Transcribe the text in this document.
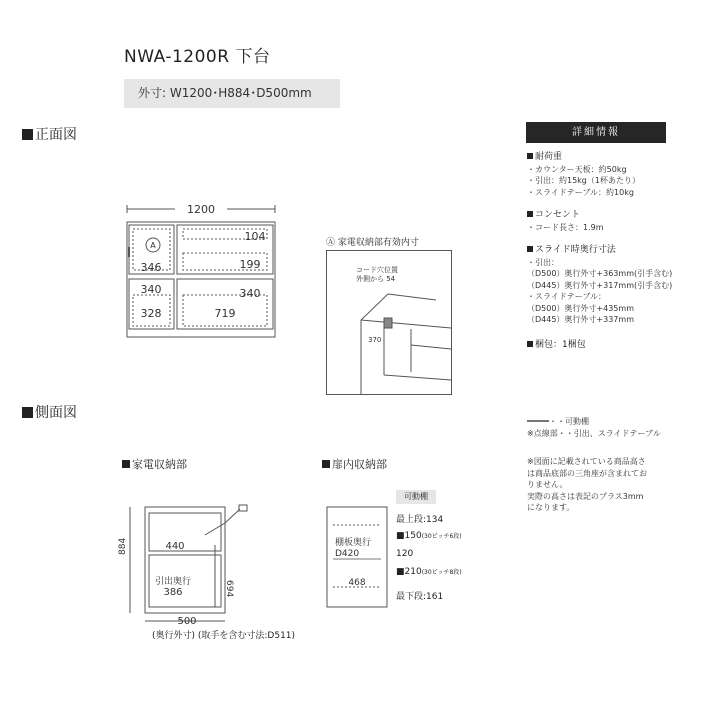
NWA-1200R 下台
外寸: W1200･H884･D500mm
正面図
側面図
家電収納部	扉内収納部
1200
A
346
340
328
104
199
340
719
Ⓐ 家電収納部有効内寸
コード穴位置
外側から 54
370
884
694
440
引出奥行
386
500
(奥行外寸) (取手を含む寸法:D511)
棚板奥行
D420
468
可動棚
最上段:134
■150(30ピッチ6段)
120
■210(30ピッチ8段)
最下段:161
詳細情報
耐荷重
・カウンター天板：約50kg
・引出：約15kg（1杯あたり）
・スライドテーブル：約10kg
コンセント
・コード長さ：1.9m
スライド時奥行寸法
・引出：
（D500）奥行外寸+363mm(引手含む)
（D445）奥行外寸+317mm(引手含む)
・スライドテーブル：
（D500）奥行外寸+435mm
（D445）奥行外寸+337mm
梱包：1梱包
・・可動棚
※点線部・・引出、スライドテーブル
※図面に記載されている商品高さ
は商品底部の三角座が含まれてお
りません。
実際の高さは表記のプラス3mm
になります。
